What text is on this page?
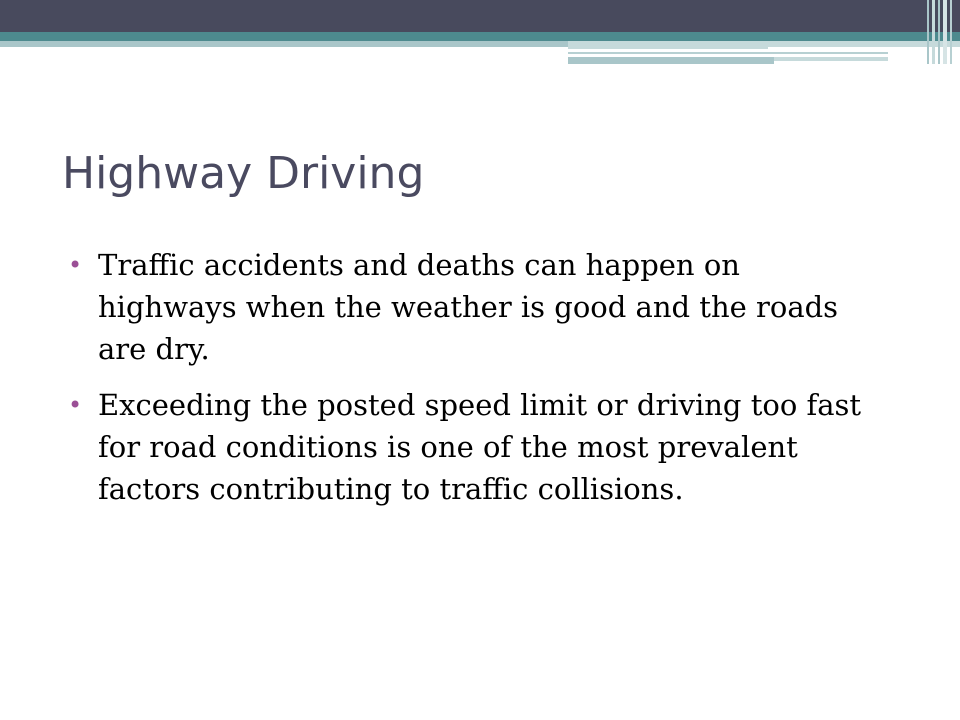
Highway Driving
• Traffic accidents and deaths can happen on highways when the weather is good and the roads are dry.
• Exceeding the posted speed limit or driving too fast for road conditions is one of the most prevalent factors contributing to traffic collisions.
